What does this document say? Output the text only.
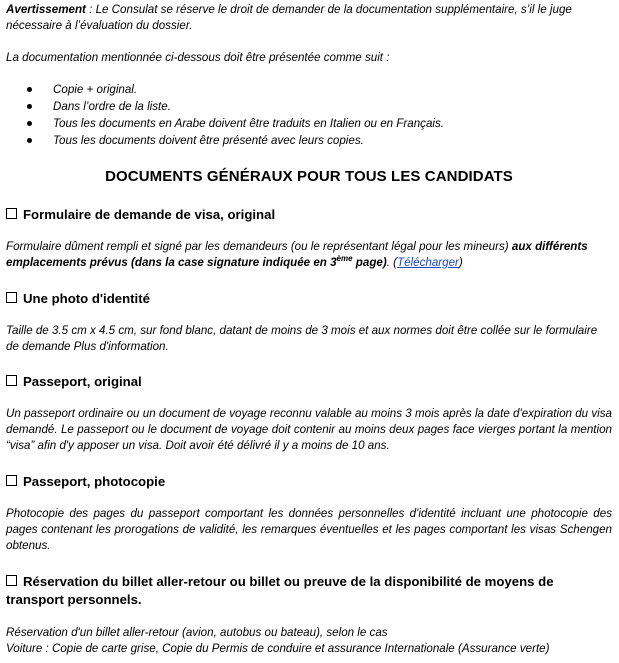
Avertissement : Le Consulat se réserve le droit de demander de la documentation supplémentaire, s’il le juge nécessaire à l’évaluation du dossier.
La documentation mentionnée ci-dessous doit être présentée comme suit :
Copie + original.
Dans l’ordre de la liste.
Tous les documents en Arabe doivent être traduits en Italien ou en Français.
Tous les documents doivent être présenté avec leurs copies.
DOCUMENTS GÉNÉRAUX POUR TOUS LES CANDIDATS
Formulaire de demande de visa, original
Formulaire dûment rempli et signé par les demandeurs (ou le représentant légal pour les mineurs) aux différents emplacements prévus (dans la case signature indiquée en 3ème page). (Télécharger)
Une photo d'identité
Taille de 3.5 cm x 4.5 cm, sur fond blanc, datant de moins de 3 mois et aux normes doit être collée sur le formulaire de demande Plus d'information.
Passeport, original
Un passeport ordinaire ou un document de voyage reconnu valable au moins 3 mois après la date d'expiration du visa demandé. Le passeport ou le document de voyage doit contenir au moins deux pages face vierges portant la mention “visa” afin d'y apposer un visa. Doit avoir été délivré il y a moins de 10 ans.
Passeport, photocopie
Photocopie des pages du passeport comportant les données personnelles d'identité incluant une photocopie des pages contenant les prorogations de validité, les remarques éventuelles et les pages comportant les visas Schengen obtenus.
Réservation du billet aller-retour ou billet ou preuve de la disponibilité de moyens de transport personnels.
Réservation d'un billet aller-retour (avion, autobus ou bateau), selon le cas
Voiture : Copie de carte grise, Copie du Permis de conduire et assurance Internationale (Assurance verte)
